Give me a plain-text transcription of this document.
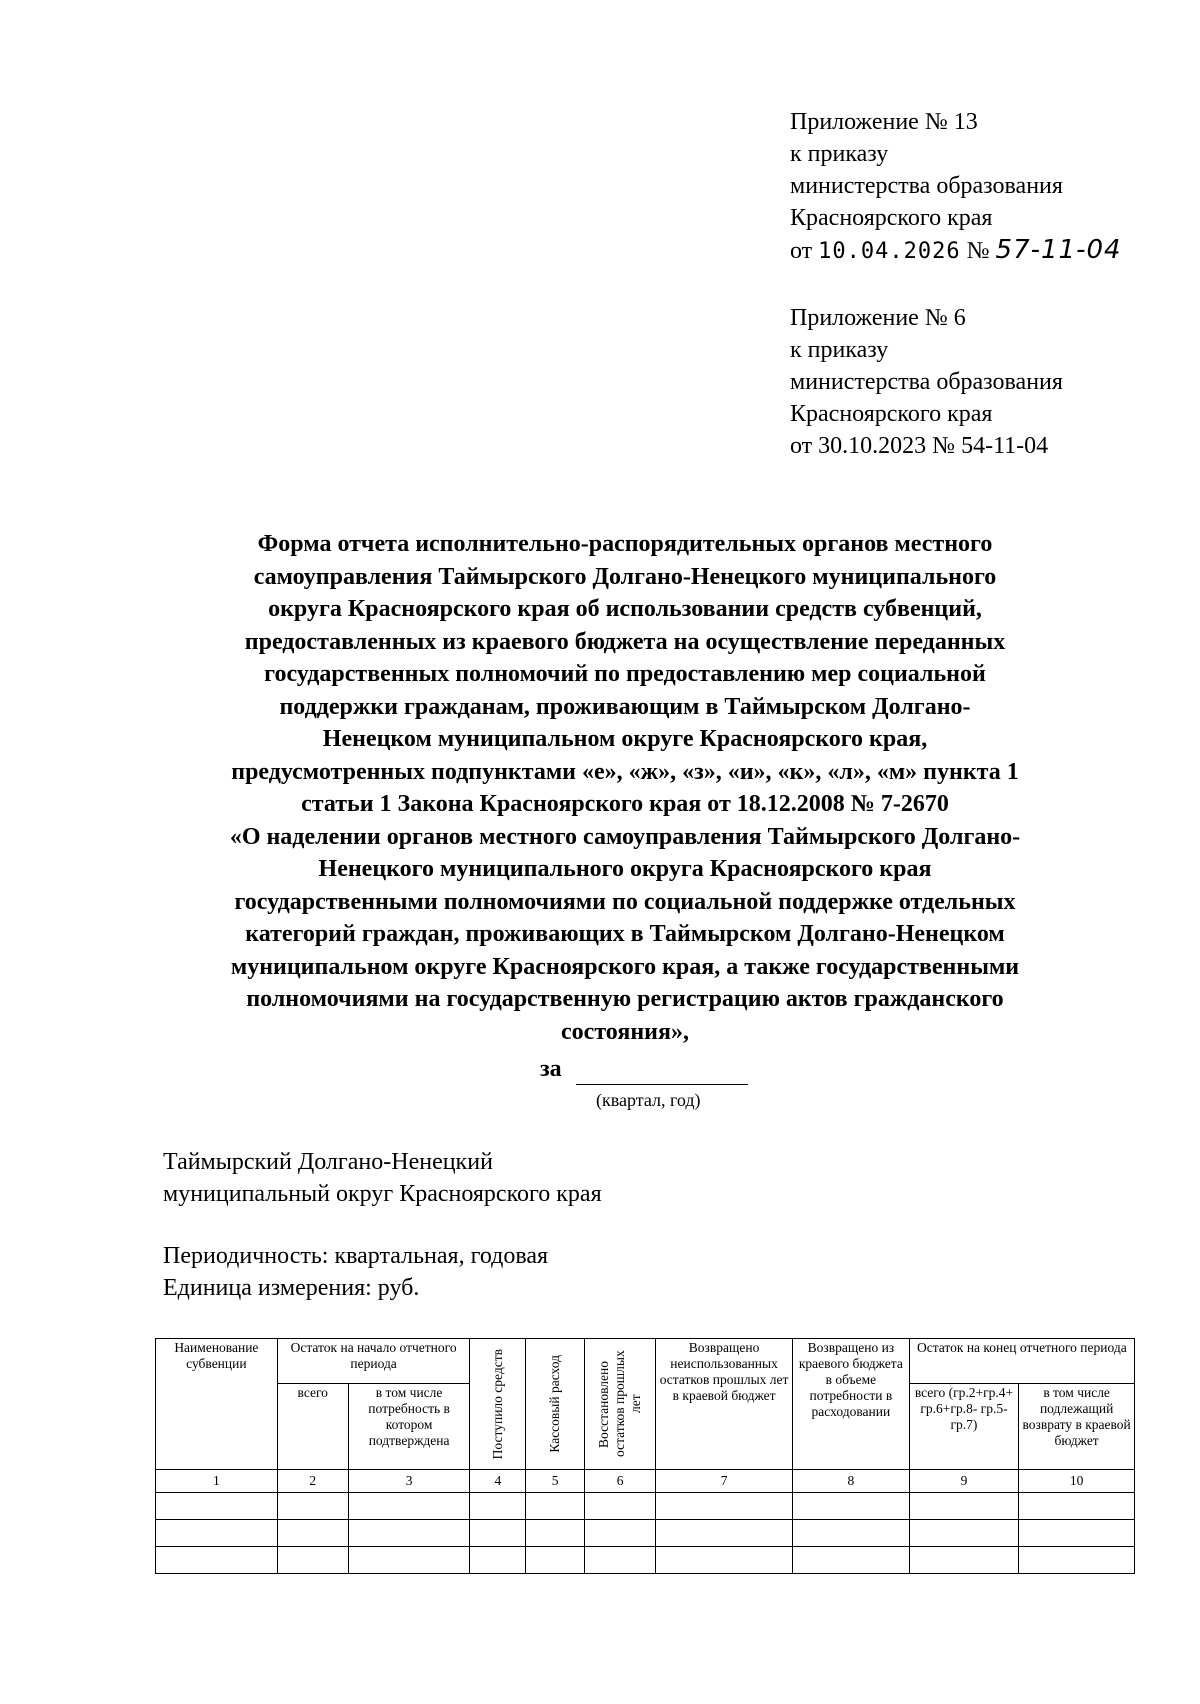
Приложение № 13
к приказу
министерства образования
Красноярского края
от 10.04.2026 № 57-11-04
Приложение № 6
к приказу
министерства образования
Красноярского края
от 30.10.2023 № 54-11-04
Форма отчета исполнительно-распорядительных органов местного
самоуправления Таймырского Долгано-Ненецкого муниципального
округа Красноярского края об использовании средств субвенций,
предоставленных из краевого бюджета на осуществление переданных
государственных полномочий по предоставлению мер социальной
поддержки гражданам, проживающим в Таймырском Долгано-
Ненецком муниципальном округе Красноярского края,
предусмотренных подпунктами «е», «ж», «з», «и», «к», «л», «м» пункта 1
статьи 1 Закона Красноярского края от 18.12.2008 № 7-2670
«О наделении органов местного самоуправления Таймырского Долгано-
Ненецкого муниципального округа Красноярского края
государственными полномочиями по социальной поддержке отдельных
категорий граждан, проживающих в Таймырском Долгано-Ненецком
муниципальном округе Красноярского края, а также государственными
полномочиями на государственную регистрацию актов гражданского
состояния»,
за
(квартал, год)
Таймырский Долгано-Ненецкий
муниципальный округ Красноярского края
Периодичность: квартальная, годовая
Единица измерения: руб.
Наименование субвенции	Остаток на начало отчетного периода		Поступило средств	Кассовый расход	Восстановлено остатков прошлых лет	Возвращено неиспользованных остатков прошлых лет в краевой бюджет	Возвращено из краевого бюджета в объеме потребности в расходовании	Остаток на конец отчетного периода	
	всего	в том числе потребность в котором подтверждена						всего (гр.2+гр.4+ гр.6+гр.8- гр.5-гр.7)	в том числе подлежащий возврату в краевой бюджет
1	2	3	4	5	6	7	8	9	10
